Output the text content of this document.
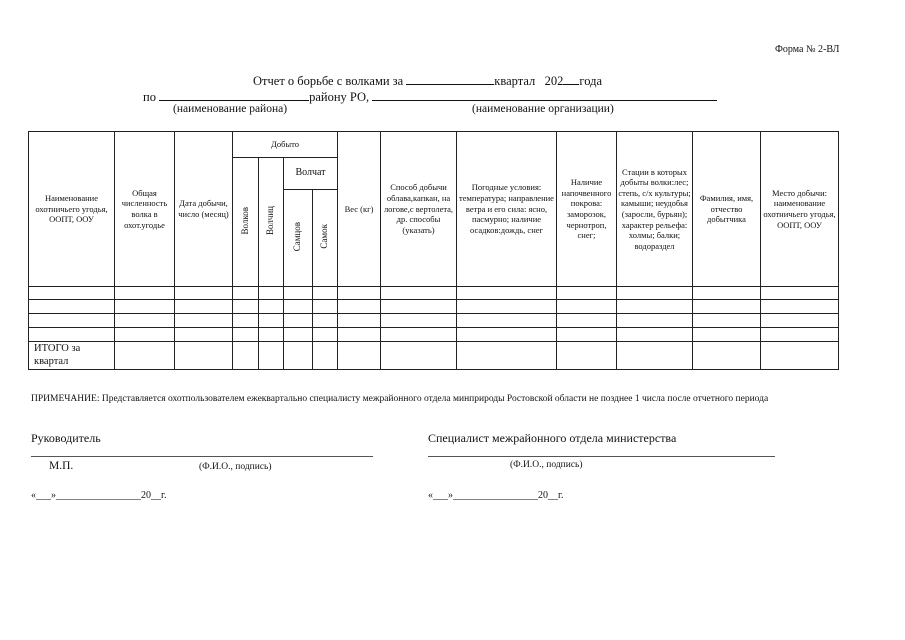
Форма № 2-ВЛ
Отчет о борьбе с волками за	квартал 202 года
по	району РО,
(наименование района)	(наименование организации)
Наименование охотничьего угодья, ООПТ, ООУ	Общая численность волка в охот.угодье	Дата добычи, число (месяц)	Добыто				Вес (кг)	Способ добычи облава,капкан, на логове,с вертолета, др. способы (указать)	Погодные условия: температура; направление ветра и его сила: ясно, пасмурно; наличие осадков:дождь, снег	Наличие напочвенного покрова: заморозок, чернотроп, снег;	Стации в которых добыты волки:лес; степь, с/х культуры; камыши; неудобья (заросли, бурьян); характер рельефа: холмы; балки; водораздел	Фамилия, имя, отчество добытчика	Место добычи: наименование охотничьего угодья, ООПТ, ООУ
			Волков	Волчиц	Волчат								
					Самцов	Самок							

ИТОГО за квартал													
ПРИМЕЧАНИЕ: Представляется охотпользователем ежеквартально специалисту межрайонного отдела минприроды Ростовской области не позднее 1 числа после отчетного периода
Руководитель
М.П.	(Ф.И.О., подпись)
Специалист межрайонного отдела министерства
(Ф.И.О., подпись)
«___»_________________20__г.	«___»_________________20__г.
